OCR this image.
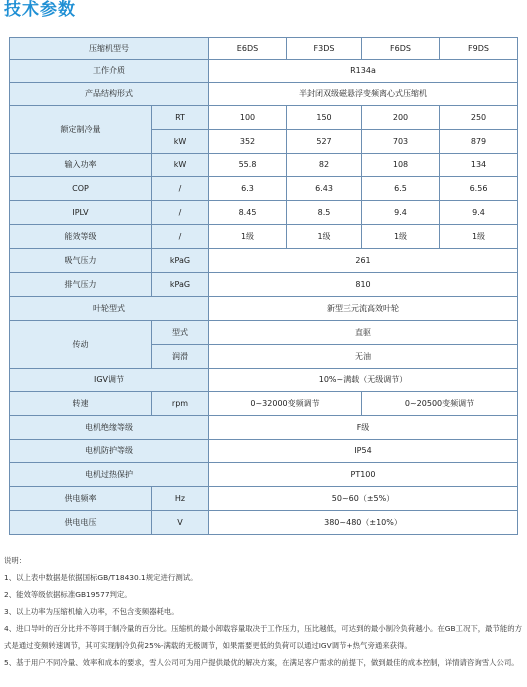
技术参数
压缩机型号		E6DS	F3DS	F6DS	F9DS
工作介质		R134a			
产品结构形式		半封闭双级磁悬浮变频离心式压缩机			
额定制冷量	RT	100	150	200	250
	kW	352	527	703	879
输入功率	kW	55.8	82	108	134
COP	/	6.3	6.43	6.5	6.56
IPLV	/	8.45	8.5	9.4	9.4
能效等级	/	1级	1级	1级	1级
吸气压力	kPaG	261			
排气压力	kPaG	810			
叶轮型式		新型三元流高效叶轮			
传动	型式	直驱			
	润滑	无油			
IGV调节		10%~满载（无级调节）			
转速	rpm	0~32000变频调节		0~20500变频调节	
电机绝缘等级		F级			
电机防护等级		IP54			
电机过热保护		PT100			
供电频率	Hz	50~60（±5%）			
供电电压	V	380~480（±10%）			
说明：
1、以上表中数据是依据国标GB/T18430.1规定进行测试。
2、能效等级依据标准GB19577判定。
3、以上功率为压缩机输入功率，不包含变频器耗电。
4、进口导叶的百分比并不等同于制冷量的百分比。压缩机的最小卸载容量取决于工作压力，压比越低，可达到的最小制冷负荷越小。在GB工况下，最节能的方式是通过变频转速调节，其可实现制冷负荷25%-满载的无极调节，如果需要更低的负荷可以通过IGV调节+热气旁通来获得。
5、基于用户不同冷量、效率和成本的要求，雪人公司可为用户提供最优的解决方案，在满足客户需求的前提下，做到最佳的成本控制，详情请咨询雪人公司。
